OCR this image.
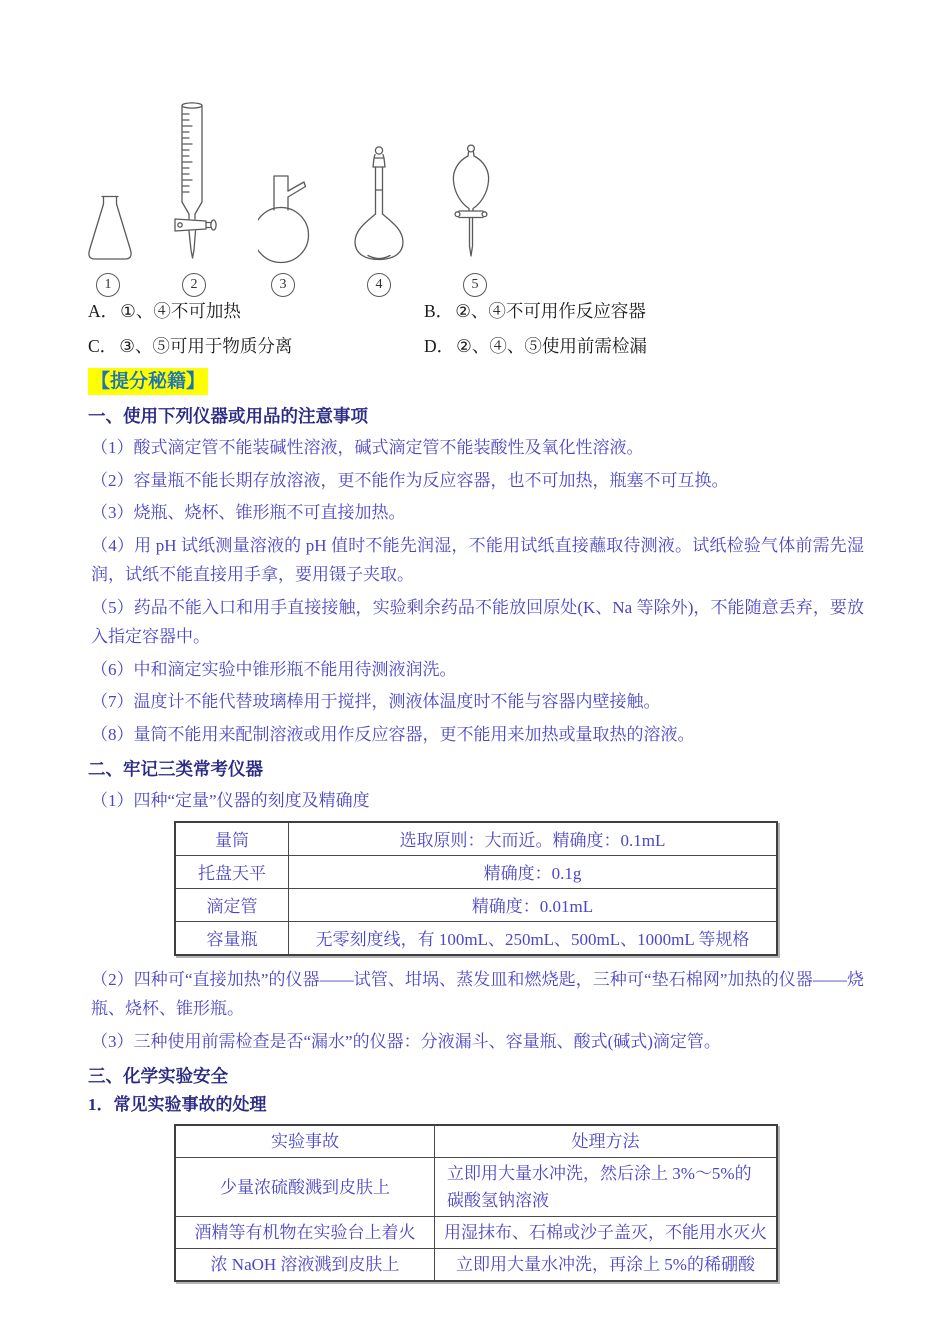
1	2	3	4	5
A． ①、④不可加热	B． ②、④不可用作反应容器
C． ③、⑤可用于物质分离	D． ②、④、⑤使用前需检漏
【提分秘籍】
一、使用下列仪器或用品的注意事项

（1）酸式滴定管不能装碱性溶液，碱式滴定管不能装酸性及氧化性溶液。

（2）容量瓶不能长期存放溶液，更不能作为反应容器，也不可加热，瓶塞不可互换。

（3）烧瓶、烧杯、锥形瓶不可直接加热。

（4）用 pH 试纸测量溶液的 pH 值时不能先润湿，不能用试纸直接蘸取待测液。试纸检验气体前需先湿润，试纸不能直接用手拿，要用镊子夹取。

（5）药品不能入口和用手直接接触，实验剩余药品不能放回原处(K、Na 等除外)，不能随意丢弃，要放入指定容器中。

（6）中和滴定实验中锥形瓶不能用待测液润洗。

（7）温度计不能代替玻璃棒用于搅拌，测液体温度时不能与容器内壁接触。

（8）量筒不能用来配制溶液或用作反应容器，更不能用来加热或量取热的溶液。

二、牢记三类常考仪器

（1）四种“定量”仪器的刻度及精确度

量筒	选取原则：大而近。精确度：0.1mL
托盘天平	精确度：0.1g
滴定管	精确度：0.01mL
容量瓶	无零刻度线，有 100mL、250mL、500mL、1000mL 等规格

（2）四种可“直接加热”的仪器——试管、坩埚、蒸发皿和燃烧匙，三种可“垫石棉网”加热的仪器——烧瓶、烧杯、锥形瓶。

（3）三种使用前需检查是否“漏水”的仪器：分液漏斗、容量瓶、酸式(碱式)滴定管。

三、化学实验安全
1．常见实验事故的处理
实验事故	处理方法
少量浓硫酸溅到皮肤上	立即用大量水冲洗，然后涂上 3%～5%的碳酸氢钠溶液
酒精等有机物在实验台上着火	用湿抹布、石棉或沙子盖灭，不能用水灭火
浓 NaOH 溶液溅到皮肤上	立即用大量水冲洗，再涂上 5%的稀硼酸
